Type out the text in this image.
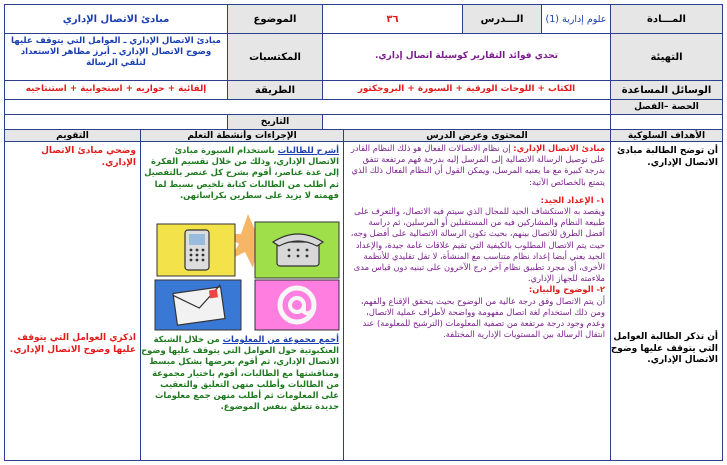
المـــادة
علوم إدارية (1)
الـــدرس
٣٦
الموضوع
مبادئ الاتصال الإداري
التهيئة
تحدي فوائد التقارير كوسيلة اتصال إداري.
المكتسبات
مبادئ الاتصال الإداري ـ العوامل التي يتوقف عليها وضوح الاتصال الإداري ـ أبرز مظاهر الاستعداد لتلقي الرسالة
الوسائل المساعدة
الكتاب + اللوحات الورقية + السبورة + البروجكتور
الطريقة
إلقائية + حواريه + استجوابية + استنتاجيه
الحصة –الفصل
التاريخ
الأهداف السلوكية
المحتوى وعرض الدرس
الإجراءات وأنشطة التعلم
التقويم
أن توضح الطالبة مبادئ الاتصال الإداري.
أن تذكر الطالبة العوامل التي يتوقف عليها وضوح الاتصال الإداري.
مبادئ الاتصال الإداري: إن نظام الاتصالات الفعال هو ذلك النظام القادر على توصيل الرسالة الاتصالية إلى المرسل إليه بدرجة فهم مرتفعة تتفق بدرجة كبيرة مع ما يعنيه المرسل، ويمكن القول أن النظام الفعال ذلك الذي يتمتع بالخصائص الآتية:

١- الإعداد الجيد:
ويقصد به الاستكشاف الجيد للمجال الذي سيتم فيه الاتصال، والتعرف على طبيعة النظام والمشاركين فيه من المستقبلين أو المرسلين، ثم دراسة أفضل الطرق للاتصال بينهم، بحيث تكون الرسالة الاتصالية على أفضل وجه، حيث يتم الاتصال المطلوب بالكيفية التي تقيم علاقات عامة جيدة، والإعداد الجيد يعني أيضا إعداد نظام متناسب مع المنشأة، لا تقل تقليدي للأنظمة الأخرى، أي مجرد تطبيق نظام آخر درج الآخرون على تبنيه دون قياس مدى ملاءمته للجهاز الإداري.
٢- الوضوح والبيان:
أن يتم الاتصال وفق درجة عالية من الوضوح بحيث يتحقق الإقناع والفهم، ومن ذلك استخدام لغة اتصال مفهومة وواضحة لأطراف عملية الاتصال، وعدم وجود درجة مرتفعة من تصفية المعلومات (الترشيح للمعلومة) عند انتقال الرسالة بين المستويات الإدارية المختلفة.
أشرح للطالبات باستخدام السبورة مبادئ الاتصال الإداري، وذلك من خلال تقسيم الفكرة إلى عدة عناصر، أقوم بشرح كل عنصر بالتفصيل ثم أطلب من الطالبات كتابة تلخيص بسيط لما فهمته لا يزيد على سطرين بكراساتهن.
أجمع مجموعة من المعلومات من خلال الشبكة العنكبوتية حول العوامل التي يتوقف عليها وضوح الاتصال الإداري، ثم أقوم بعرضها بشكل مبسط ومناقشتها مع الطالبات، أقوم باختيار مجموعة من الطالبات وأطلب منهن التعليق والتعقيب على المعلومات ثم أطلب منهن جمع معلومات جديدة تتعلق بنفس الموضوع.
وضحي مبادئ الاتصال الإداري.
اذكري العوامل التي يتوقف عليها وضوح الاتصال الإداري.
